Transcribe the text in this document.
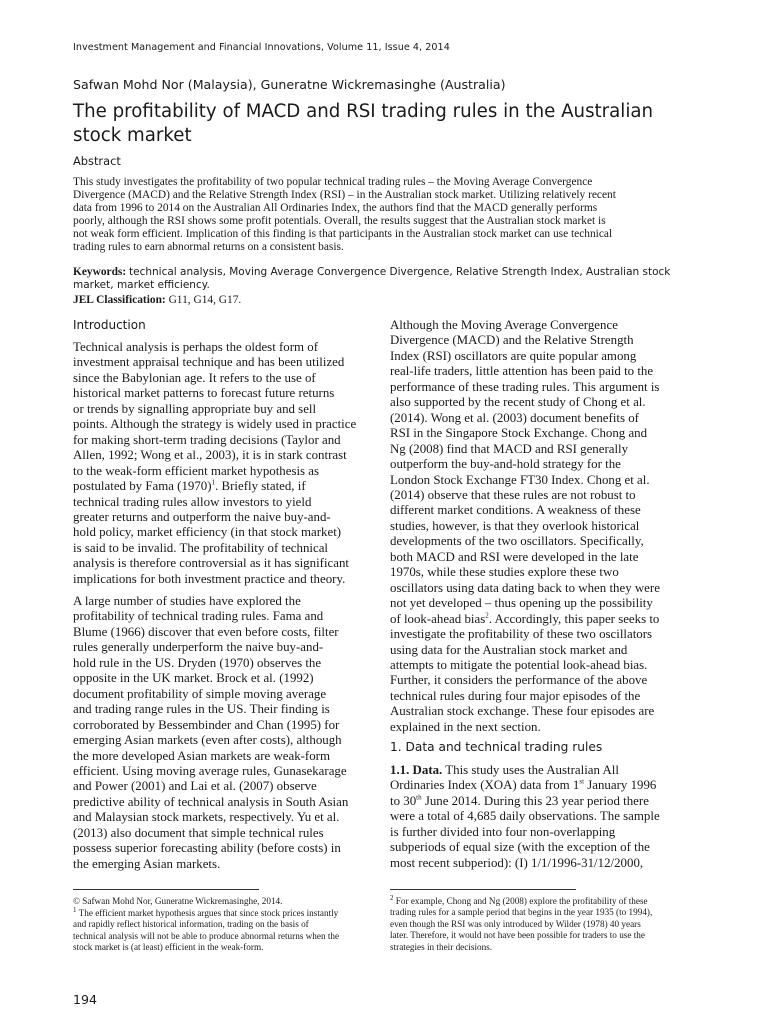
Investment Management and Financial Innovations, Volume 11, Issue 4, 2014
Safwan Mohd Nor (Malaysia), Guneratne Wickremasinghe (Australia)
The profitability of MACD and RSI trading rules in the Australian
stock market
Abstract

This study investigates the profitability of two popular technical trading rules – the Moving Average Convergence
Divergence (MACD) and the Relative Strength Index (RSI) – in the Australian stock market. Utilizing relatively recent
data from 1996 to 2014 on the Australian All Ordinaries Index, the authors find that the MACD generally performs
poorly, although the RSI shows some profit potentials. Overall, the results suggest that the Australian stock market is
not weak form efficient. Implication of this finding is that participants in the Australian stock market can use technical
trading rules to earn abnormal returns on a consistent basis.

Keywords: technical analysis, Moving Average Convergence Divergence, Relative Strength Index, Australian stock
market, market efficiency.

JEL Classification: G11, G14, G17.

Introduction

Technical analysis is perhaps the oldest form of
investment appraisal technique and has been utilized
since the Babylonian age. It refers to the use of
historical market patterns to forecast future returns
or trends by signalling appropriate buy and sell
points. Although the strategy is widely used in practice
for making short-term trading decisions (Taylor and
Allen, 1992; Wong et al., 2003), it is in stark contrast
to the weak-form efficient market hypothesis as
postulated by Fama $(1970)^1$. Briefly stated, if
technical trading rules allow investors to yield
greater returns and outperform the naive buy-and-
hold policy, market efficiency (in that stock market)
is said to be invalid. The profitability of technical
analysis is therefore controversial as it has significant
implications for both investment practice and theory.

A large number of studies have explored the
profitability of technical trading rules. Fama and
Blume (1966) discover that even before costs, filter
rules generally underperform the naive buy-and-
hold rule in the US. Dryden (1970) observes the
opposite in the UK market. Brock et al. (1992)
document profitability of simple moving average
and trading range rules in the US. Their finding is
corroborated by Bessembinder and Chan (1995) for
emerging Asian markets (even after costs), although
the more developed Asian markets are weak-form
efficient. Using moving average rules, Gunasekarage
and Power (2001) and Lai et al. (2007) observe
predictive ability of technical analysis in South Asian
and Malaysian stock markets, respectively. Yu et al.
(2013) also document that simple technical rules
possess superior forecasting ability (before costs) in
the emerging Asian markets.

Although the Moving Average Convergence
Divergence (MACD) and the Relative Strength
Index (RSI) oscillators are quite popular among
real-life traders, little attention has been paid to the
performance of these trading rules. This argument is
also supported by the recent study of Chong et al.
(2014). Wong et al. (2003) document benefits of
RSI in the Singapore Stock Exchange. Chong and
Ng (2008) find that MACD and RSI generally
outperform the buy-and-hold strategy for the
London Stock Exchange FT30 Index. Chong et al.
(2014) observe that these rules are not robust to
different market conditions. A weakness of these
studies, however, is that they overlook historical
developments of the two oscillators. Specifically,
both MACD and RSI were developed in the late
1970s, while these studies explore these two
oscillators using data dating back to when they were
not yet developed – thus opening up the possibility
of look-ahead bias$^2$. Accordingly, this paper seeks to
investigate the profitability of these two oscillators
using data for the Australian stock market and
attempts to mitigate the potential look-ahead bias.
Further, it considers the performance of the above
technical rules during four major episodes of the
Australian stock exchange. These four episodes are
explained in the next section.

1. Data and technical trading rules

1.1. Data. This study uses the Australian All
Ordinaries Index (XOA) data from 1st January 1996
to 30th June 2014. During this 23 year period there
were a total of 4,685 daily observations. The sample
is further divided into four non-overlapping
subperiods of equal size (with the exception of the
most recent subperiod): (I) 1/1/1996-31/12/2000,

© Safwan Mohd Nor, Guneratne Wickremasinghe, 2014.

$^1$ The efficient market hypothesis argues that since stock prices instantly
and rapidly reflect historical information, trading on the basis of
technical analysis will not be able to produce abnormal returns when the
stock market is (at least) efficient in the weak-form.

$^2$ For example, Chong and Ng (2008) explore the profitability of these
trading rules for a sample period that begins in the year 1935 (to 1994),
even though the RSI was only introduced by Wilder (1978) 40 years
later. Therefore, it would not have been possible for traders to use the
strategies in their decisions.

194
